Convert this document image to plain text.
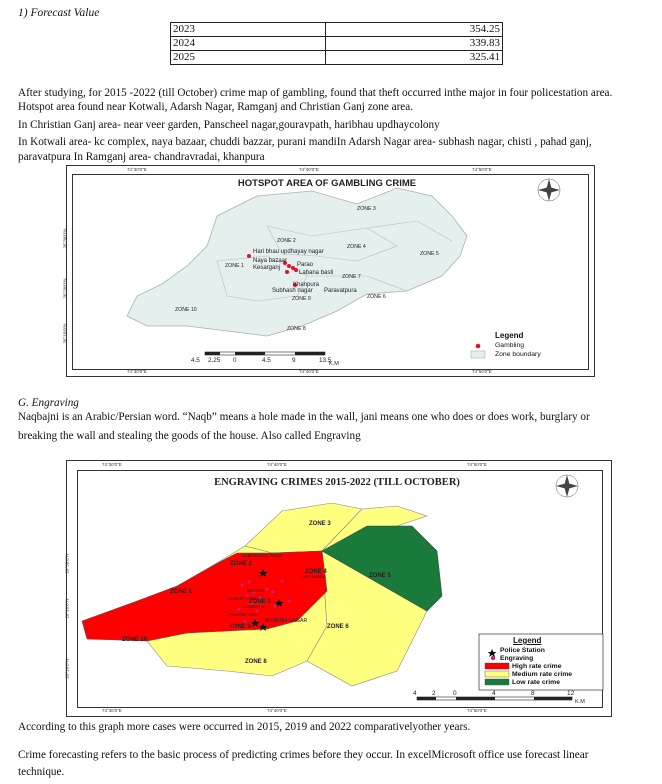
1) Forecast Value
2023	354.25
2024	339.83
2025	325.41
After studying, for 2015 -2022 (till October) crime map of gambling, found that theft occurred inthe major in four policestation area.
Hotspot area found near Kotwali, Adarsh Nagar, Ramganj and Christian Ganj zone area.
In Christian Ganj area- near veer garden, Panscheel nagar,gouravpath, haribhau updhaycolony
In Kotwali area- kc complex, naya bazaar, chuddi bazzar, purani mandiIn Adarsh Nagar area- subhash nagar, chisti , pahad ganj,
paravatpura In Ramganj area- chandravradai, khanpura
74°30'0"E	74°40'0"E	74°50'0"E
74°30'0"E	74°40'0"E	74°50'0"E
26°30'0"N
26°20'0"N
26°10'0"N
HOTSPOT AREA OF GAMBLING CRIME
ZONE 3
ZONE 1
ZONE 2
ZONE 4
ZONE 5
ZONE 6
ZONE 7
ZONE 8
ZONE 9
ZONE 10
Hari bhau updhayay nagar
Naya bazaar
Parao
Kesarganj
Labana basti
Khanpura
Subhash nagar Paravatpura
4.5 2.25 0	4.5	9	13.5
K.M
Legend
Gambling
Zone boundary
G. Engraving
Naqbajni is an Arabic/Persian word. “Naqb” means a hole made in the wall, jani means one who does or does work, burglary or
breaking the wall and stealing the goods of the house. Also called Engraving
74°30'0"E	74°40'0"E	74°50'0"E
74°30'0"E	74°40'0"E	74°50'0"E
26°30'0"N
26°20'0"N
26°10'0"N
ENGRAVING CRIMES 2015-2022 (TILL OCTOBER)
ZONE 3
ZONE 2
ZONE 4
ZONE 5
ZONE 1
ZONE 7
ZONE 9	ZONE 6
ZONE 10
ZONE 8
CHRISTIAN GANJ
CIVIL LINES
ALWAR GATE
RAMGANJ
ADARSH NAGAR
MADAR
PAHARGANJ
4 2	0	4	8	12
K.M
Legend
Police Station
Engraving
High rate crime
Medium rate crime
Low rate crime
According to this graph more cases were occurred in 2015, 2019 and 2022 comparativelyother years.
Crime forecasting refers to the basic process of predicting crimes before they occur. In excelMicrosoft office use forecast linear
technique.
